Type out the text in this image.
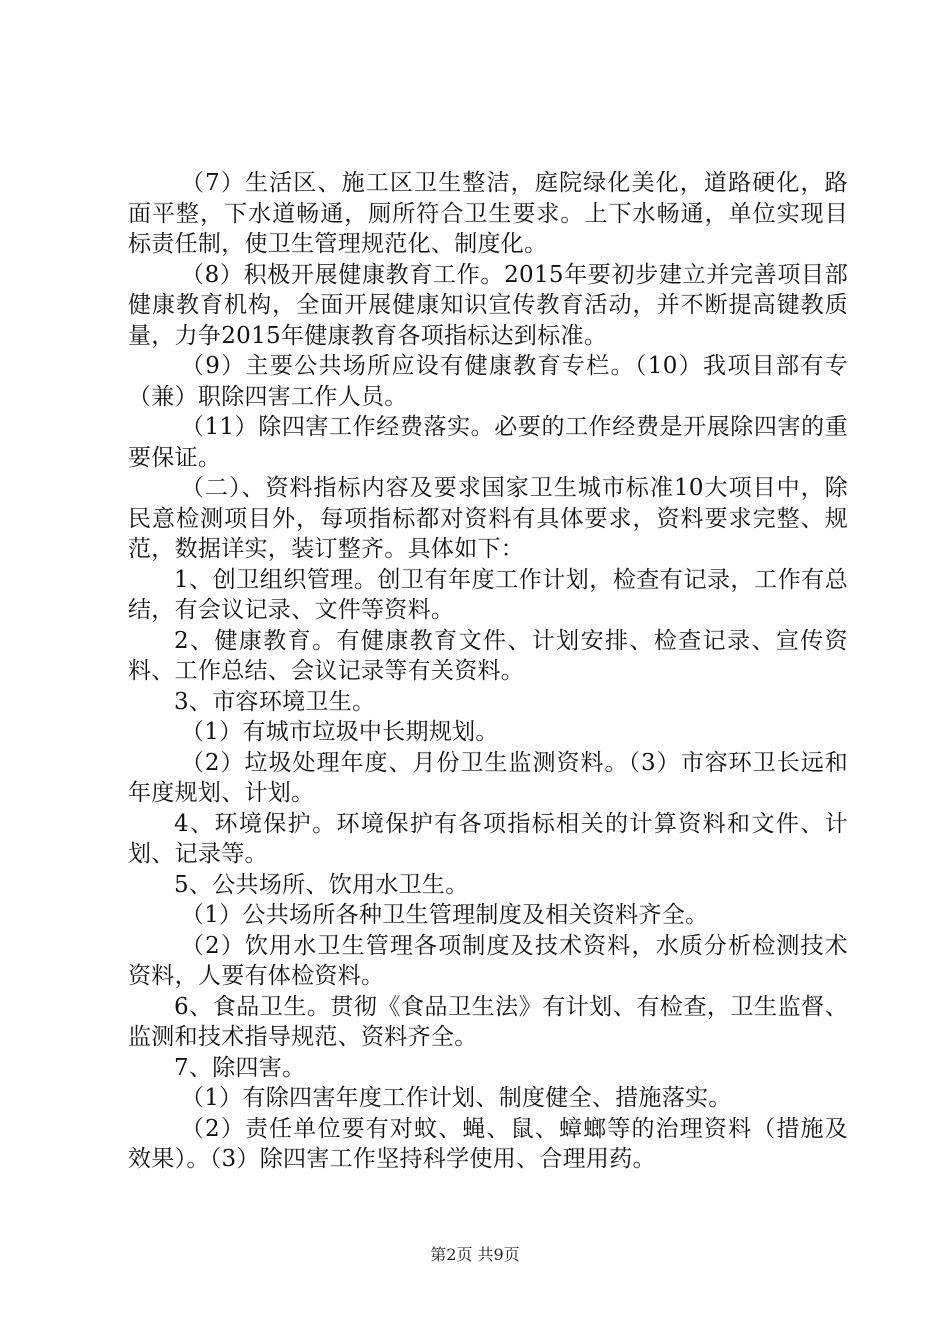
（7）生活区、施工区卫生整洁，庭院绿化美化，道路硬化，路面平整，下水道畅通，厕所符合卫生要求。上下水畅通，单位实现目标责任制，使卫生管理规范化、制度化。

（8）积极开展健康教育工作。2015年要初步建立并完善项目部健康教育机构，全面开展健康知识宣传教育活动，并不断提高键教质量，力争2015年健康教育各项指标达到标准。

（9）主要公共场所应设有健康教育专栏。（10）我项目部有专（兼）职除四害工作人员。

（11）除四害工作经费落实。必要的工作经费是开展除四害的重要保证。

（二）、资料指标内容及要求国家卫生城市标准10大项目中，除民意检测项目外，每项指标都对资料有具体要求，资料要求完整、规范，数据详实，装订整齐。具体如下：

1、创卫组织管理。创卫有年度工作计划，检查有记录，工作有总结，有会议记录、文件等资料。

2、健康教育。有健康教育文件、计划安排、检查记录、宣传资料、工作总结、会议记录等有关资料。

3、市容环境卫生。

（1）有城市垃圾中长期规划。

（2）垃圾处理年度、月份卫生监测资料。（3）市容环卫长远和年度规划、计划。

4、环境保护。环境保护有各项指标相关的计算资料和文件、计划、记录等。

5、公共场所、饮用水卫生。

（1）公共场所各种卫生管理制度及相关资料齐全。

（2）饮用水卫生管理各项制度及技术资料，水质分析检测技术资料，人要有体检资料。

6、食品卫生。贯彻《食品卫生法》有计划、有检查，卫生监督、监测和技术指导规范、资料齐全。

7、除四害。

（1）有除四害年度工作计划、制度健全、措施落实。

（2）责任单位要有对蚊、蝇、鼠、蟑螂等的治理资料（措施及效果）。（3）除四害工作坚持科学使用、合理用药。

第2页 共9页
